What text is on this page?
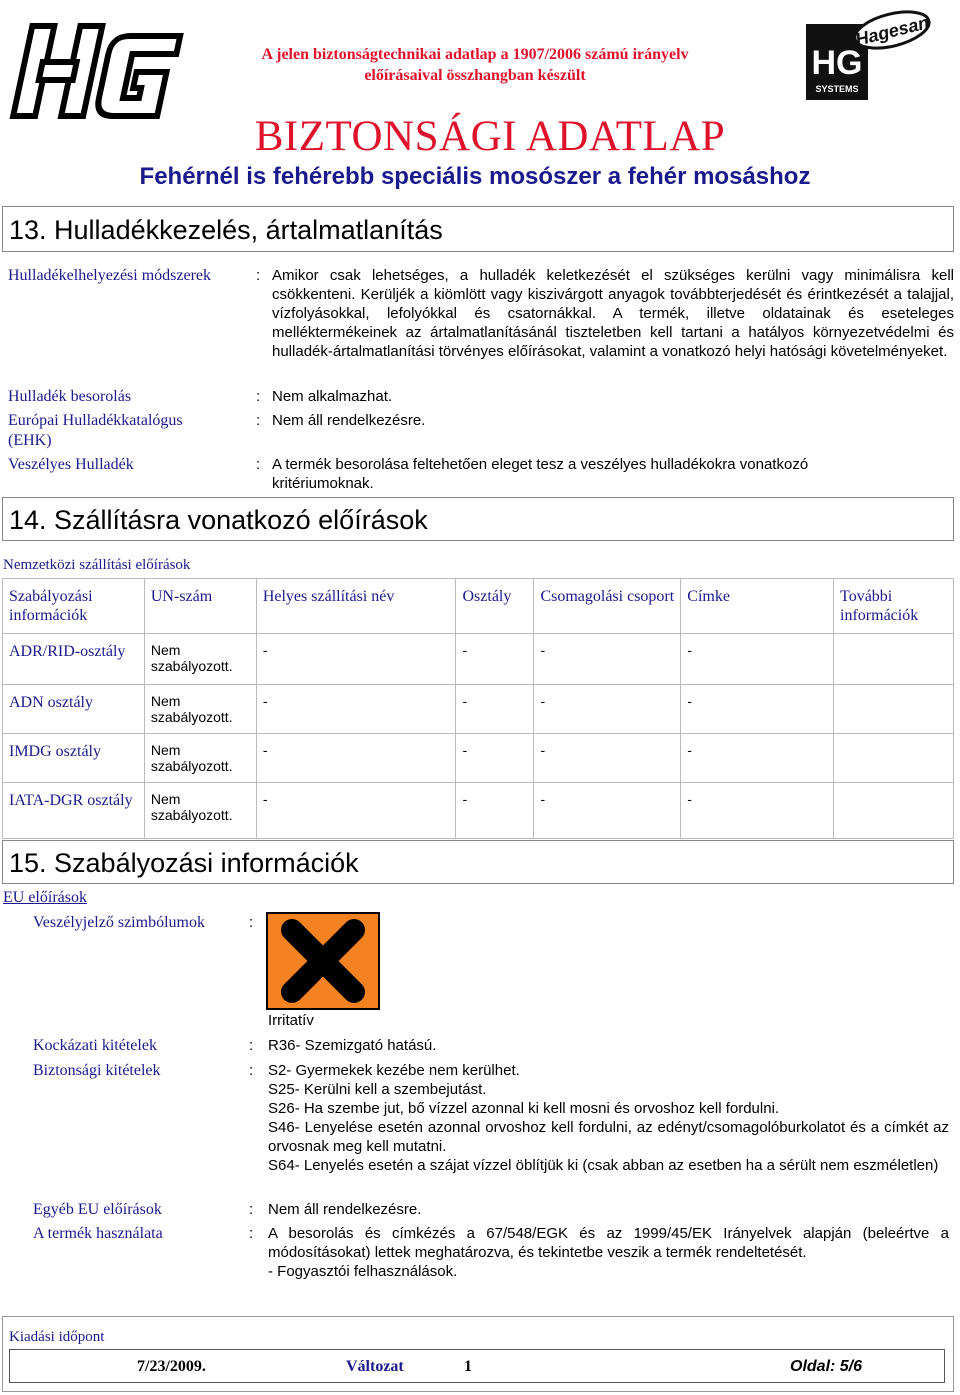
HG
A jelen biztonságtechnikai adatlap a 1907/2006 számú irányelv
előírásaival összhangban készült	HG
SYSTEMS
Hagesan
BIZTONSÁGI ADATLAP
Fehérnél is fehérebb speciális mosószer a fehér mosáshoz
13. Hulladékkezelés, ártalmatlanítás
Hulladékelhelyezési módszerek	: Amikor csak lehetséges, a hulladék keletkezését el szükséges kerülni vagy minimálisra kell csökkenteni. Kerüljék a kiömlött vagy kiszivárgott anyagok továbbterjedését és érintkezését a talajjal, vízfolyásokkal, lefolyókkal és csatornákkal. A termék, illetve oldatainak és eseteleges melléktermékeinek az ártalmatlanításánál tiszteletben kell tartani a hatályos környezetvédelmi és hulladék-ártalmatlanítási törvényes előírásokat, valamint a vonatkozó helyi hatósági követelményeket.
Hulladék besorolás	: Nem alkalmazhat.
Európai Hulladékkatalógus (EHK)
: Nem áll rendelkezésre.
Veszélyes Hulladék	: A termék besorolása feltehetően eleget tesz a veszélyes hulladékokra vonatkozó kritériumoknak.
14. Szállításra vonatkozó előírások
Nemzetközi szállítási előírások
Szabályozási információk	UN-szám	Helyes szállítási név	Osztály	Csomagolási csoport	Címke	További információk
ADR/RID-osztály	Nem szabályozott.	-	-	-	-	
ADN osztály	Nem szabályozott.	-	-	-	-	
IMDG osztály	Nem szabályozott.	-	-	-	-	
IATA-DGR osztály	Nem szabályozott.	-	-	-	-	
15. Szabályozási információk
EU előírások
Veszélyjelző szimbólumok	:
Irritatív
Kockázati kitételek	: R36- Szemizgató hatású.
Biztonsági kitételek	: S2- Gyermekek kezébe nem kerülhet.
S25- Kerülni kell a szembejutást.
S26- Ha szembe jut, bő vízzel azonnal ki kell mosni és orvoshoz kell fordulni.
S46- Lenyelése esetén azonnal orvoshoz kell fordulni, az edényt/csomagolóburkolatot és a címkét az orvosnak meg kell mutatni.
S64- Lenyelés esetén a szájat vízzel öblítjük ki (csak abban az esetben ha a sérült nem eszméletlen)
Egyéb EU előírások	: Nem áll rendelkezésre.
A termék használata	: A besorolás és címkézés a 67/548/EGK és az 1999/45/EK Irányelvek alapján (beleértve a módosításokat) lettek meghatározva, és tekintetbe veszik a termék rendeltetését.
- Fogyasztói felhasználások.
Kiadási időpont
7/23/2009.	Változat	1	Oldal: 5/6
